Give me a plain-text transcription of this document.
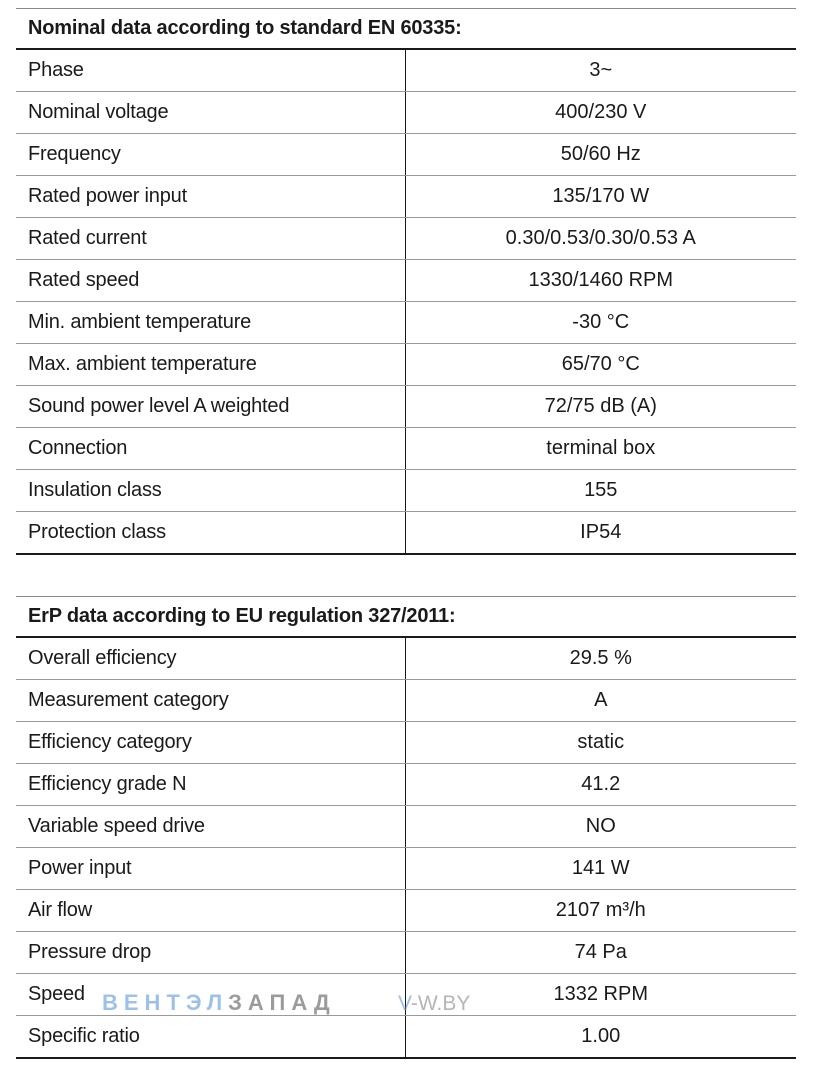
Nominal data according to standard EN 60335:
Phase	3~
Nominal voltage	400/230 V
Frequency	50/60 Hz
Rated power input	135/170 W
Rated current	0.30/0.53/0.30/0.53 A
Rated speed	1330/1460 RPM
Min. ambient temperature	-30 °C
Max. ambient temperature	65/70 °C
Sound power level A weighted	72/75 dB (A)
Connection	terminal box
Insulation class	155
Protection class	IP54
ErP data according to EU regulation 327/2011:
Overall efficiency	29.5 %
Measurement category	A
Efficiency category	static
Efficiency grade N	41.2
Variable speed drive	NO
Power input	141 W
Air flow	2107 m³/h
Pressure drop	74 Pa
Speed	1332 RPM
Specific ratio	1.00
ВЕНТЭЛЗАПАД	V-W.BY
